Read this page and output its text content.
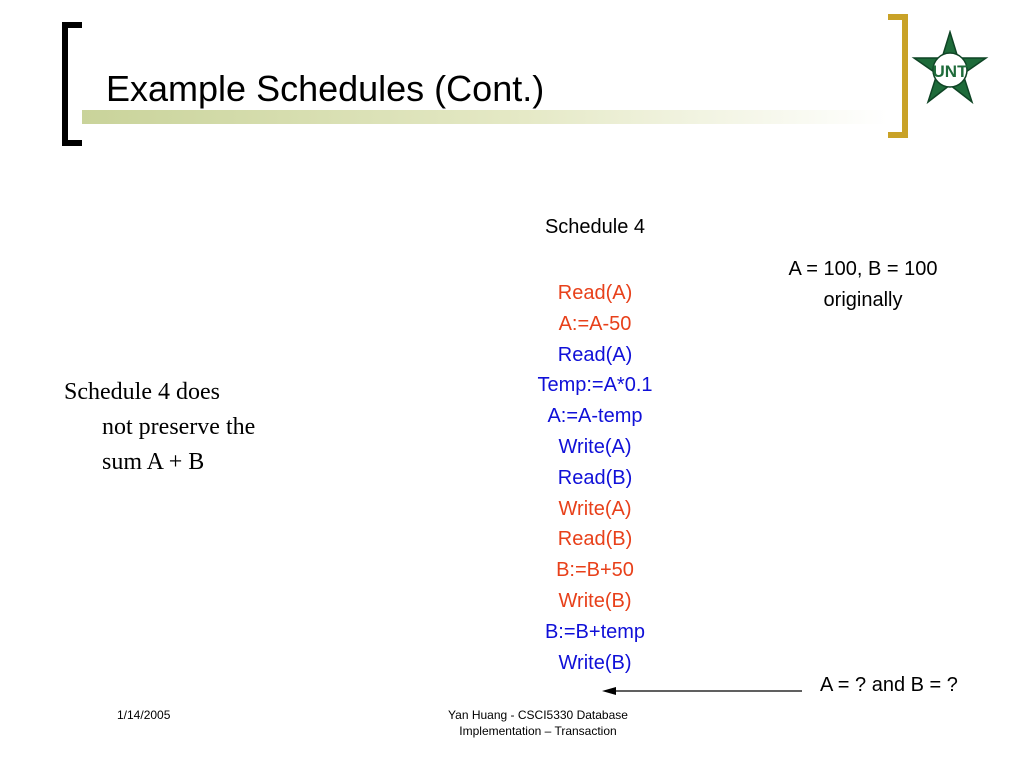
Example Schedules (Cont.)	UNT
Schedule 4
Read(A)
A:=A-50
Read(A)
Temp:=A*0.1
A:=A-temp
Write(A)
Read(B)
Write(A)
Read(B)
B:=B+50
Write(B)
B:=B+temp
Write(B)
A = 100, B = 100
originally
Schedule 4 does
not preserve the
sum A + B
A = ? and B = ?
1/14/2005	Yan Huang - CSCI5330 Database
Implementation – Transaction
